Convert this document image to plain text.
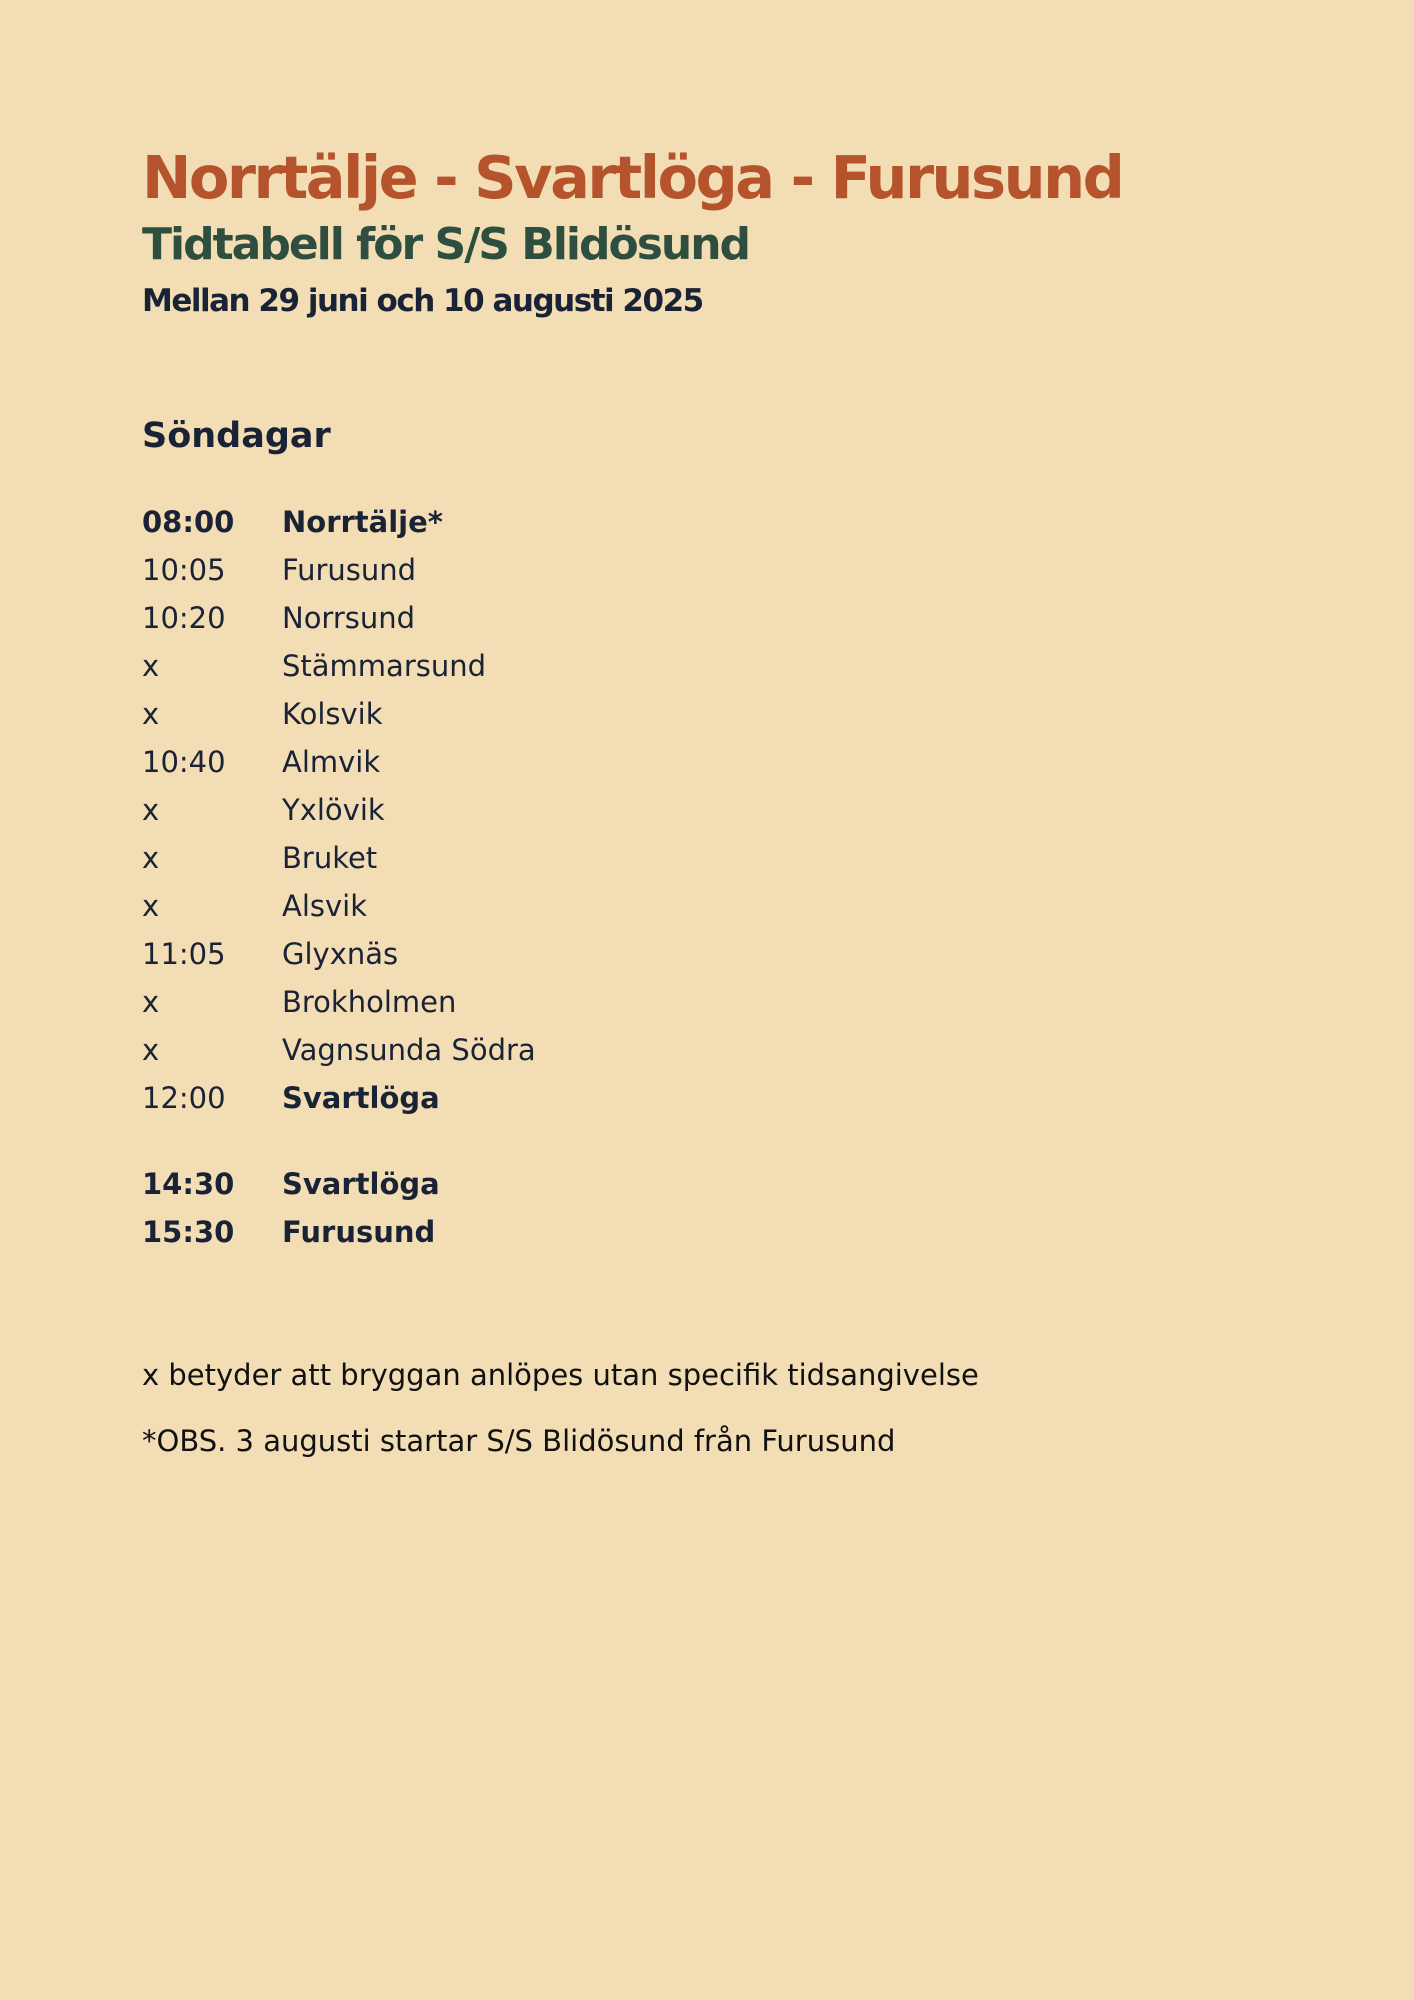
Norrtälje - Svartlöga - Furusund
Tidtabell för S/S Blidösund
Mellan 29 juni och 10 augusti 2025
Söndagar
08:00	Norrtälje*
10:05	Furusund
10:20	Norrsund
x	Stämmarsund
x	Kolsvik
10:40	Almvik
x	Yxlövik
x	Bruket
x	Alsvik
11:05	Glyxnäs
x	Brokholmen
x	Vagnsunda Södra
12:00	Svartlöga
14:30	Svartlöga
15:30	Furusund

x betyder att bryggan anlöpes utan specifik tidsangivelse

*OBS. 3 augusti startar S/S Blidösund från Furusund
